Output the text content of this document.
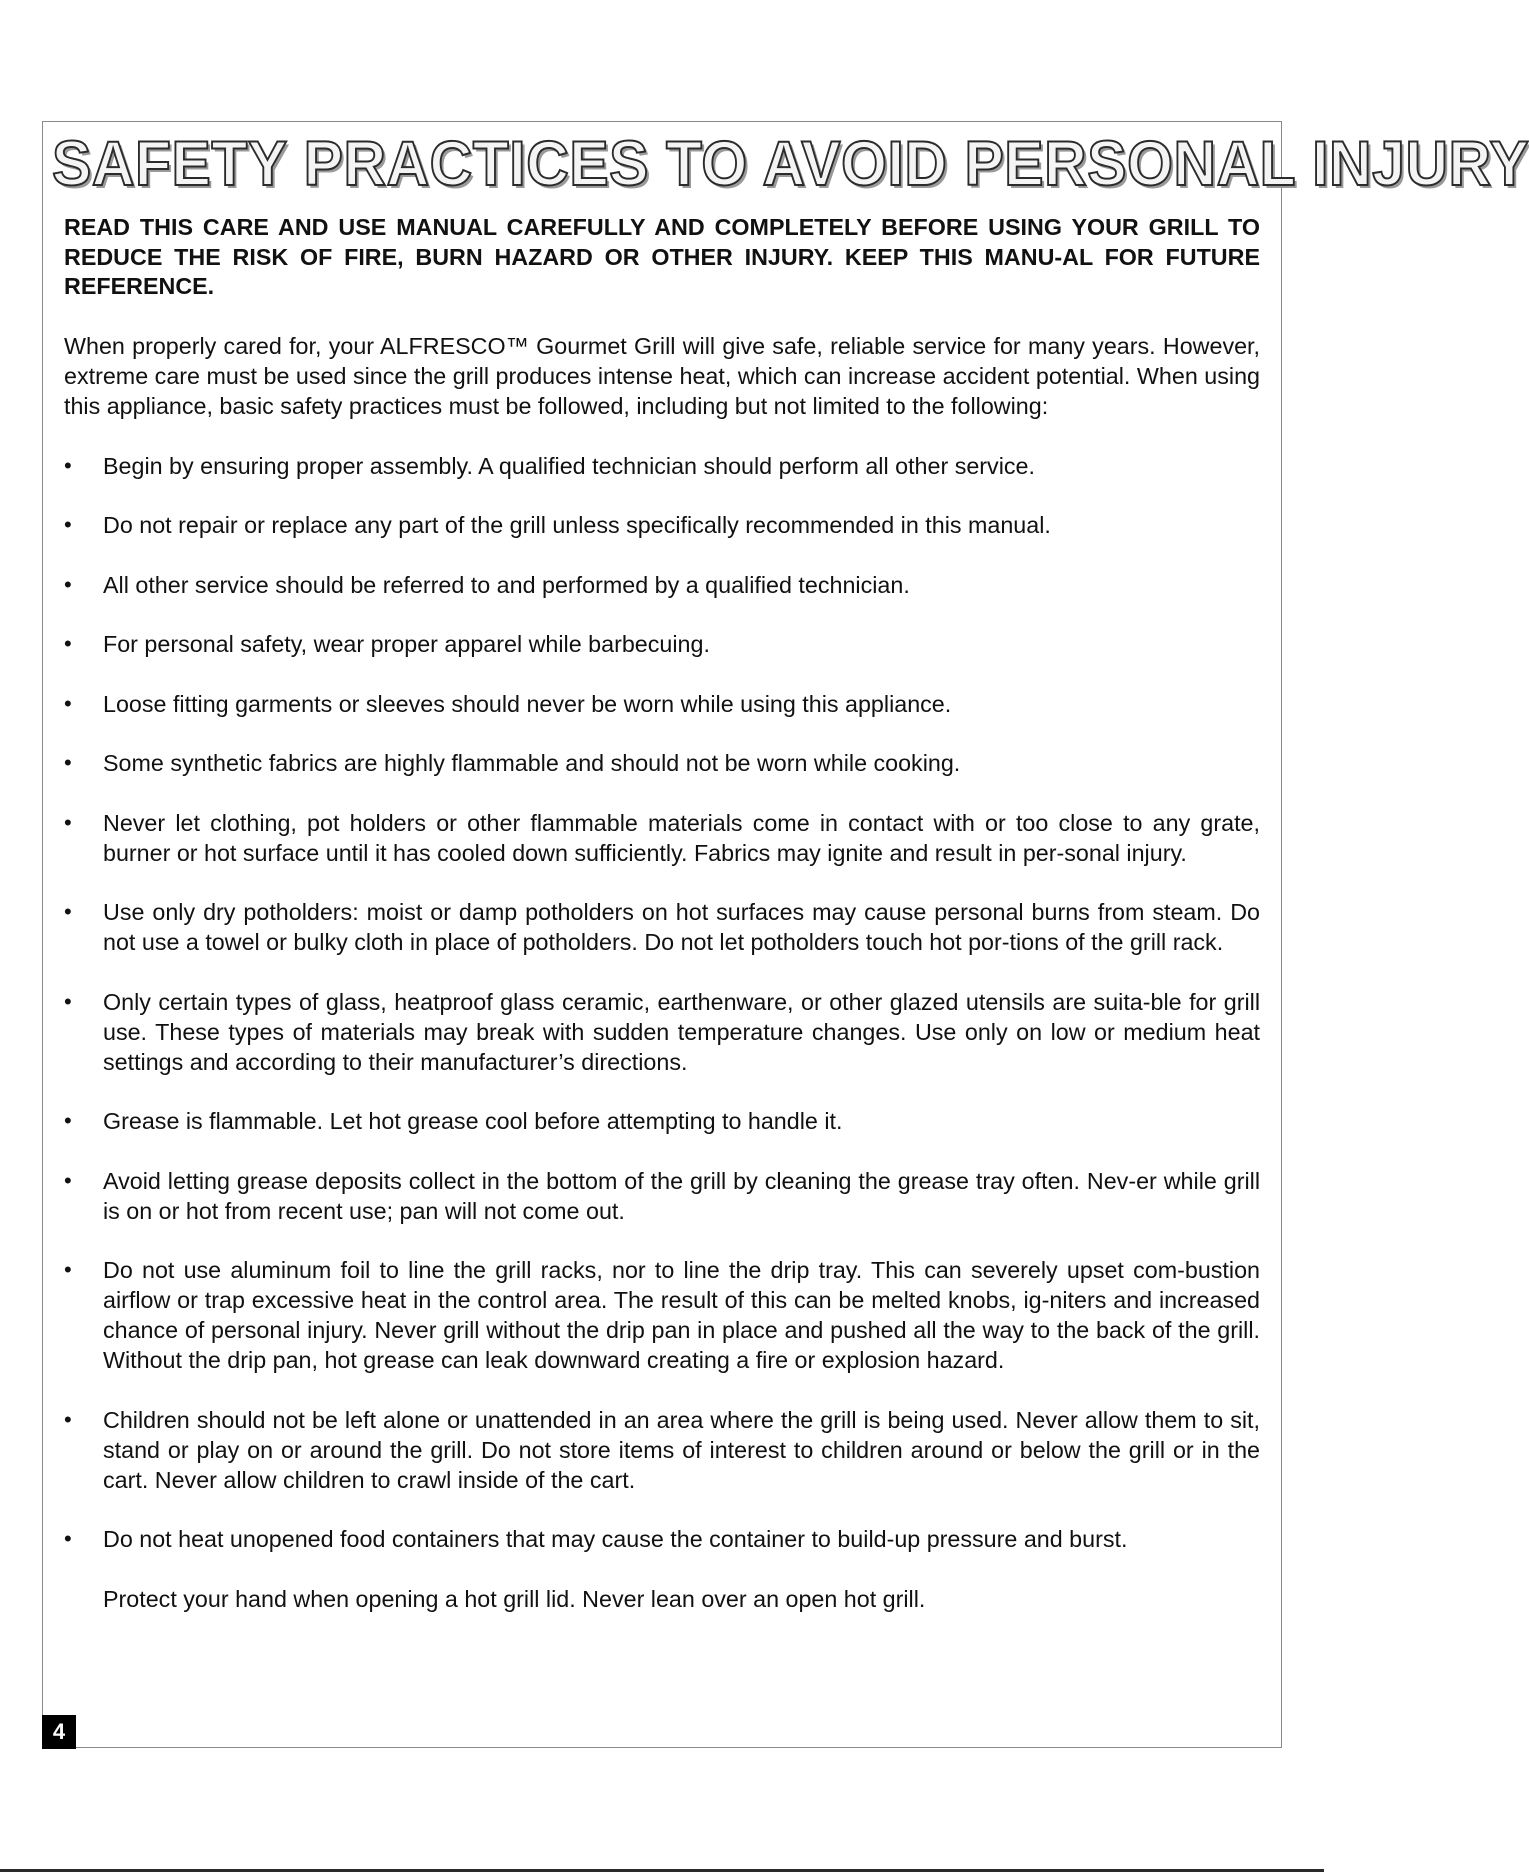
SAFETY PRACTICES TO AVOID PERSONAL INJURY

READ THIS CARE AND USE MANUAL CAREFULLY AND COMPLETELY BEFORE USING YOUR GRILL TO REDUCE THE RISK OF FIRE, BURN HAZARD OR OTHER INJURY. KEEP THIS MANU-AL FOR FUTURE REFERENCE.

When properly cared for, your ALFRESCO™ Gourmet Grill will give safe, reliable service for many years. However, extreme care must be used since the grill produces intense heat, which can increase accident potential. When using this appliance, basic safety practices must be followed, including but not limited to the following:

• Begin by ensuring proper assembly. A qualified technician should perform all other service.
• Do not repair or replace any part of the grill unless specifically recommended in this manual.
• All other service should be referred to and performed by a qualified technician.
• For personal safety, wear proper apparel while barbecuing.
• Loose fitting garments or sleeves should never be worn while using this appliance.
• Some synthetic fabrics are highly flammable and should not be worn while cooking.
• Never let clothing, pot holders or other flammable materials come in contact with or too close to any grate, burner or hot surface until it has cooled down sufficiently. Fabrics may ignite and result in per-sonal injury.
• Use only dry potholders: moist or damp potholders on hot surfaces may cause personal burns from steam. Do not use a towel or bulky cloth in place of potholders. Do not let potholders touch hot por-tions of the grill rack.
• Only certain types of glass, heatproof glass ceramic, earthenware, or other glazed utensils are suita-ble for grill use. These types of materials may break with sudden temperature changes. Use only on low or medium heat settings and according to their manufacturer’s directions.
• Grease is flammable. Let hot grease cool before attempting to handle it.
• Avoid letting grease deposits collect in the bottom of the grill by cleaning the grease tray often. Nev-er while grill is on or hot from recent use; pan will not come out.
• Do not use aluminum foil to line the grill racks, nor to line the drip tray. This can severely upset com-bustion airflow or trap excessive heat in the control area. The result of this can be melted knobs, ig-niters and increased chance of personal injury. Never grill without the drip pan in place and pushed all the way to the back of the grill. Without the drip pan, hot grease can leak downward creating a fire or explosion hazard.
• Children should not be left alone or unattended in an area where the grill is being used. Never allow them to sit, stand or play on or around the grill. Do not store items of interest to children around or below the grill or in the cart. Never allow children to crawl inside of the cart.
• Do not heat unopened food containers that may cause the container to build-up pressure and burst.
Protect your hand when opening a hot grill lid. Never lean over an open hot grill.
4
